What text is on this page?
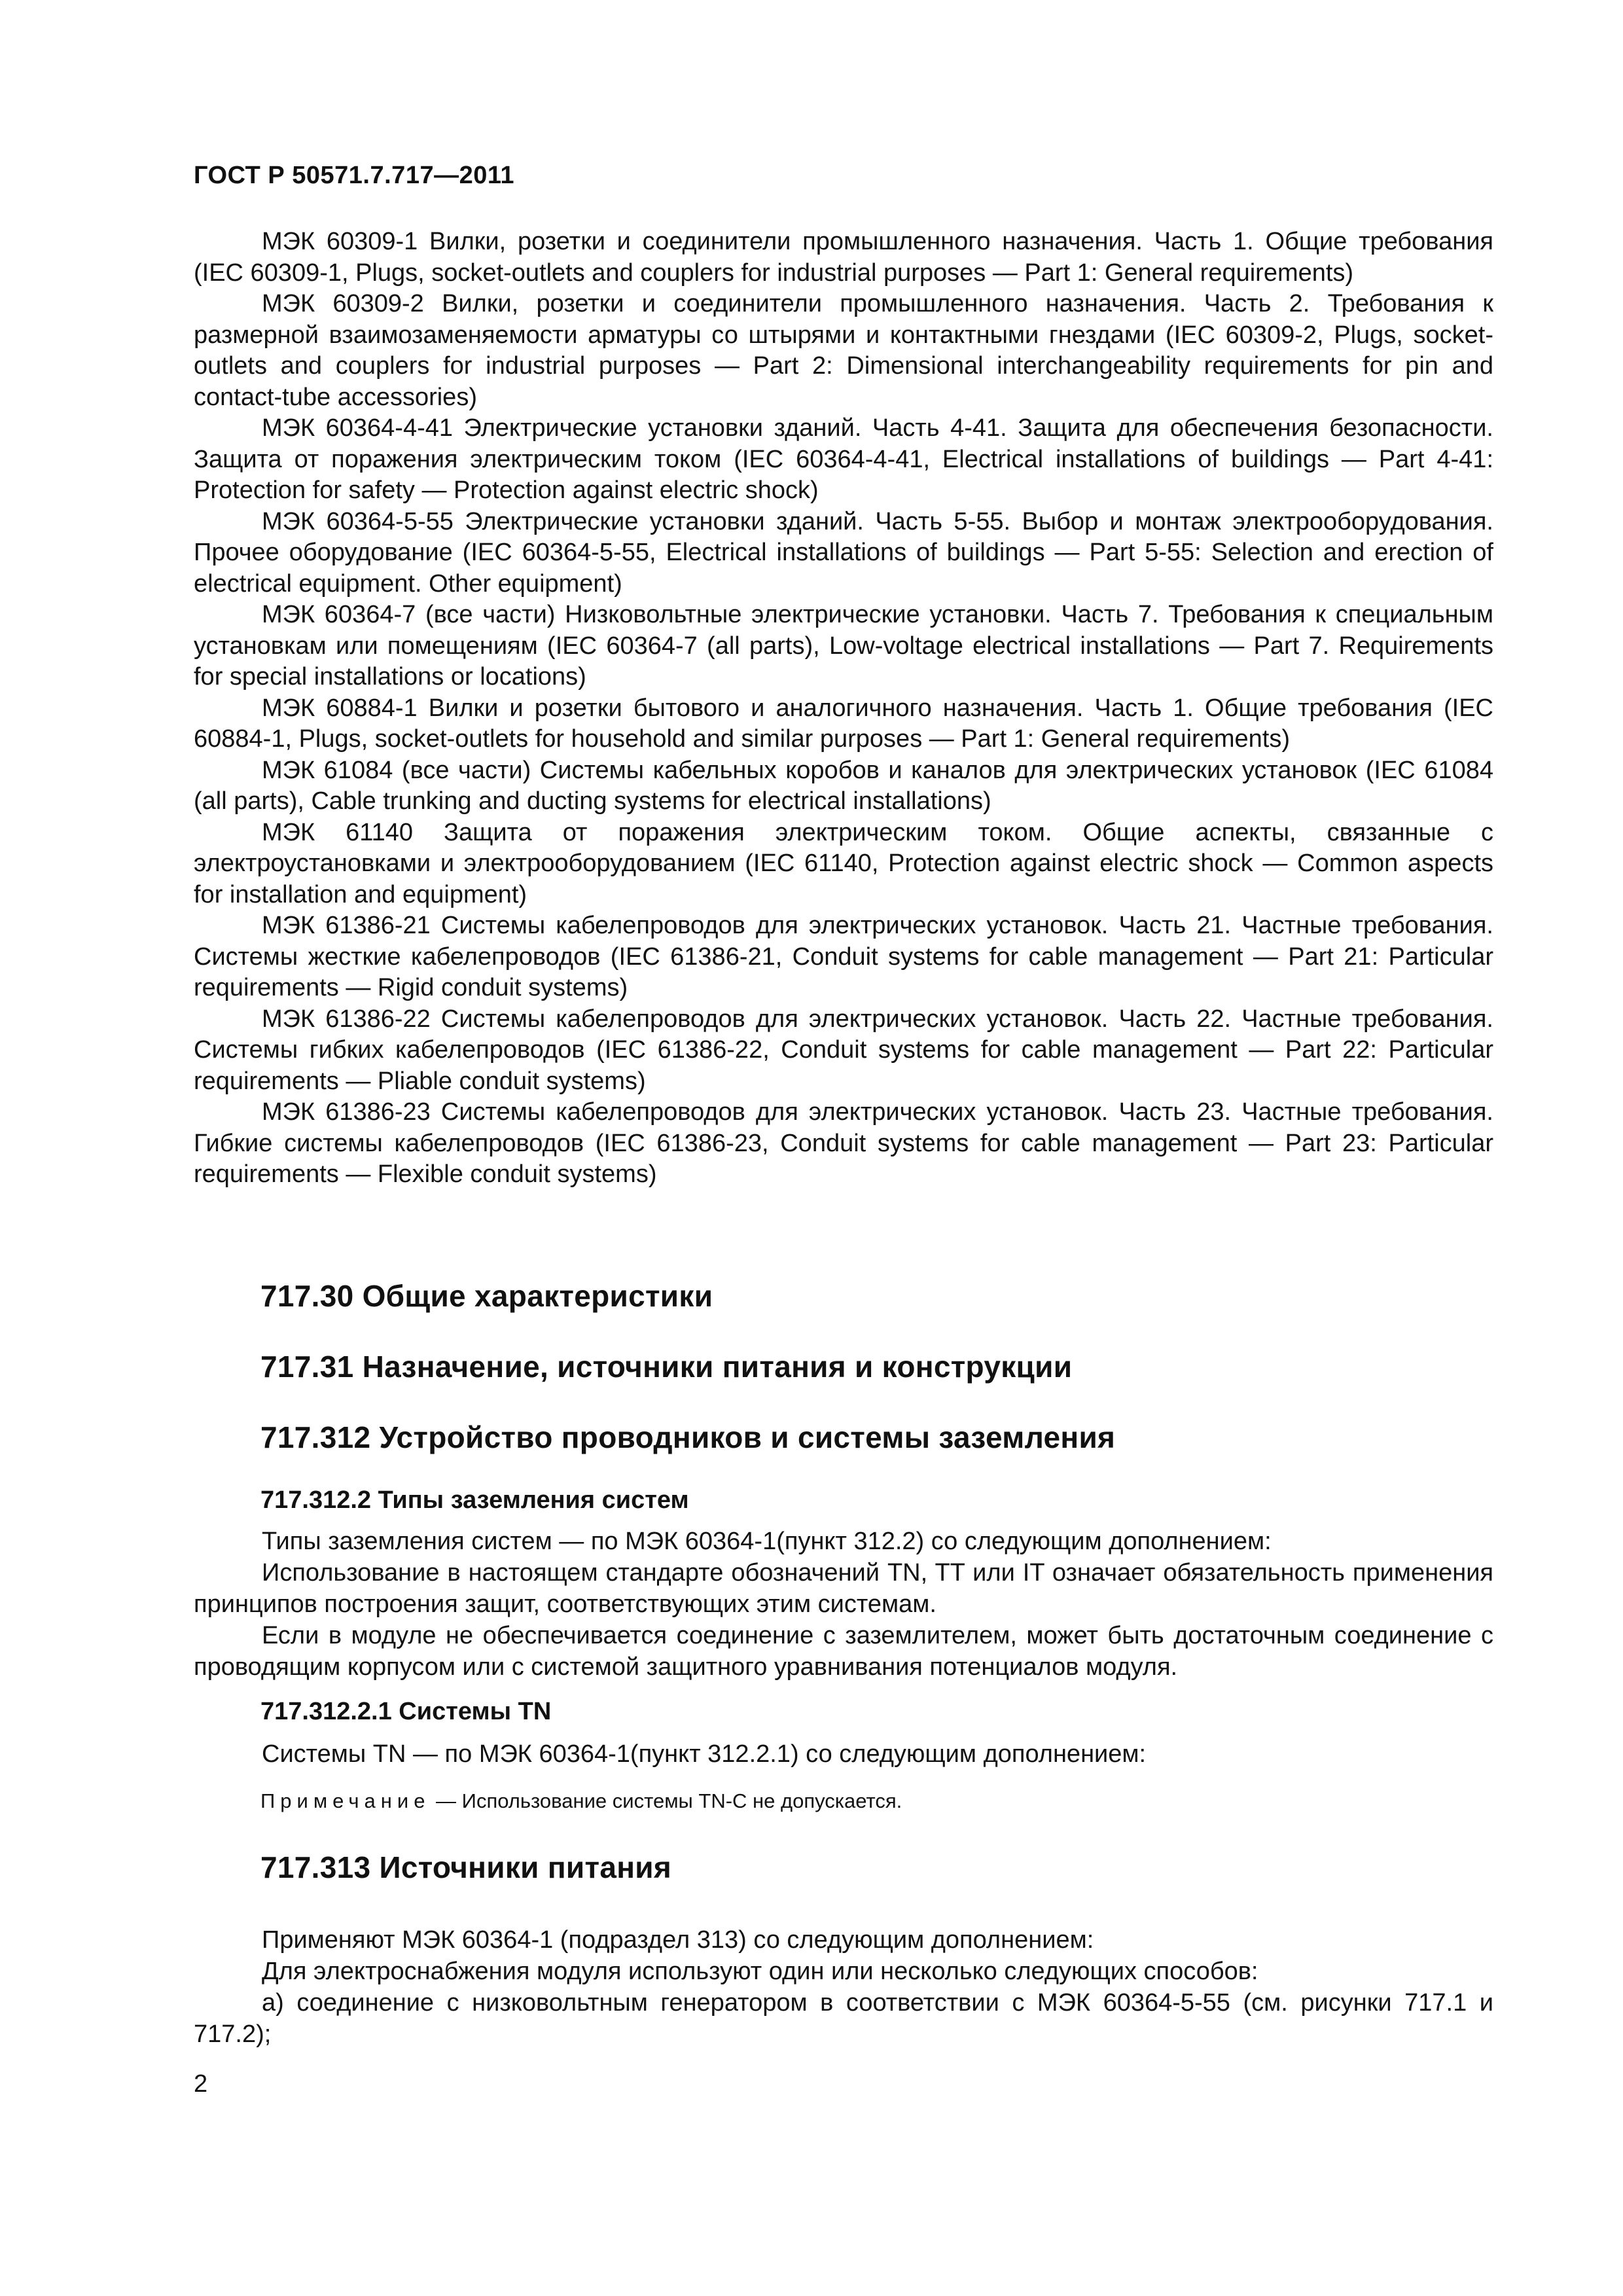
ГОСТ Р 50571.7.717—2011

МЭК 60309-1 Вилки, розетки и соединители промышленного назначения. Часть 1. Общие требования (IEC 60309-1, Plugs, socket-outlets and couplers for industrial purposes — Part 1: General requirements)

МЭК 60309-2 Вилки, розетки и соединители промышленного назначения. Часть 2. Требования к размерной взаимозаменяемости арматуры со штырями и контактными гнездами (IEC 60309-2, Plugs, socket-outlets and couplers for industrial purposes — Part 2: Dimensional interchangeability requirements for pin and contact-tube accessories)

МЭК 60364-4-41 Электрические установки зданий. Часть 4-41. Защита для обеспечения безопасности. Защита от поражения электрическим током (IEC 60364-4-41, Electrical installations of buildings — Part 4-41: Protection for safety — Protection against electric shock)

МЭК 60364-5-55 Электрические установки зданий. Часть 5-55. Выбор и монтаж электрооборудования. Прочее оборудование (IEC 60364-5-55, Electrical installations of buildings — Part 5-55: Selection and erection of electrical equipment. Other equipment)

МЭК 60364-7 (все части) Низковольтные электрические установки. Часть 7. Требования к специальным установкам или помещениям (IEC 60364-7 (all parts), Low-voltage electrical installations — Part 7. Requirements for special installations or locations)

МЭК 60884-1 Вилки и розетки бытового и аналогичного назначения. Часть 1. Общие требования (IEC 60884-1, Plugs, socket-outlets for household and similar purposes — Part 1: General requirements)

МЭК 61084 (все части) Системы кабельных коробов и каналов для электрических установок (IEC 61084 (all parts), Cable trunking and ducting systems for electrical installations)

МЭК 61140 Защита от поражения электрическим током. Общие аспекты, связанные с электроустановками и электрооборудованием (IEC 61140, Protection against electric shock — Common aspects for installation and equipment)

МЭК 61386-21 Системы кабелепроводов для электрических установок. Часть 21. Частные требования. Системы жесткие кабелепроводов (IEC 61386-21, Conduit systems for cable management — Part 21: Particular requirements — Rigid conduit systems)

МЭК 61386-22 Системы кабелепроводов для электрических установок. Часть 22. Частные требования. Системы гибких кабелепроводов (IEC 61386-22, Conduit systems for cable management — Part 22: Particular requirements — Pliable conduit systems)

МЭК 61386-23 Системы кабелепроводов для электрических установок. Часть 23. Частные требования. Гибкие системы кабелепроводов (IEC 61386-23, Conduit systems for cable management — Part 23: Particular requirements — Flexible conduit systems)

717.30 Общие характеристики
717.31 Назначение, источники питания и конструкции
717.312 Устройство проводников и системы заземления
717.312.2 Типы заземления систем

Типы заземления систем — по МЭК 60364-1(пункт 312.2) со следующим дополнением:

Использование в настоящем стандарте обозначений TN, TT или IT означает обязательность применения принципов построения защит, соответствующих этим системам.

Если в модуле не обеспечивается соединение с заземлителем, может быть достаточным соединение с проводящим корпусом или с системой защитного уравнивания потенциалов модуля.

717.312.2.1 Системы TN

Системы TN — по МЭК 60364-1(пункт 312.2.1) со следующим дополнением:

Примечание — Использование системы TN-C не допускается.
717.313 Источники питания

Применяют МЭК 60364-1 (подраздел 313) со следующим дополнением:

Для электроснабжения модуля используют один или несколько следующих способов:

а) соединение с низковольтным генератором в соответствии с МЭК 60364-5-55 (см. рисунки 717.1 и 717.2);

2
